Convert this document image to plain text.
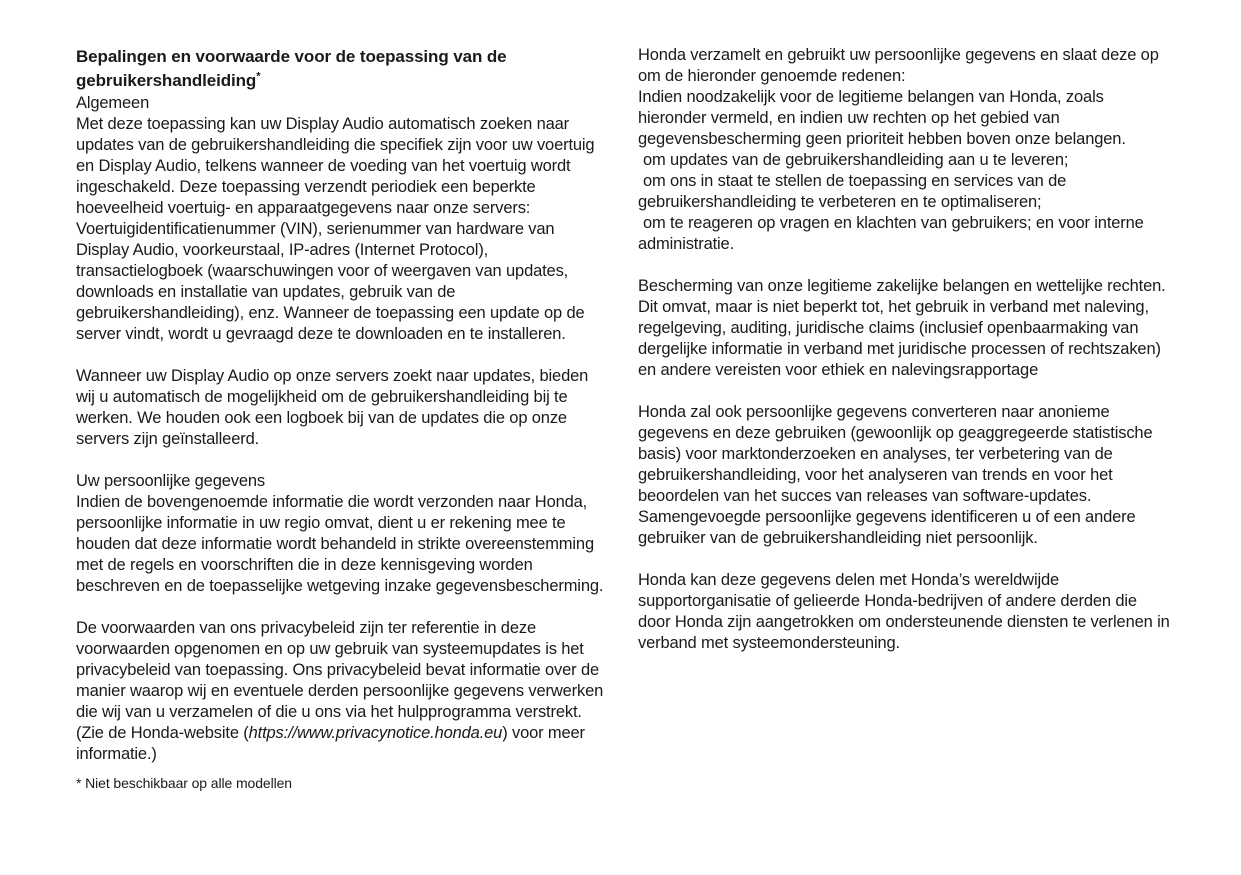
Bepalingen en voorwaarde voor de toepassing van de gebruikershandleiding*

Algemeen

Met deze toepassing kan uw Display Audio automatisch zoeken naar updates van de gebruikershandleiding die specifiek zijn voor uw voertuig en Display Audio, telkens wanneer de voeding van het voertuig wordt ingeschakeld. Deze toepassing verzendt periodiek een beperkte hoeveelheid voertuig- en apparaatgegevens naar onze servers: Voertuigidentificatienummer (VIN), serienummer van hardware van Display Audio, voorkeurstaal, IP-adres (Internet Protocol), transactielogboek (waarschuwingen voor of weergaven van updates, downloads en installatie van updates, gebruik van de gebruikershandleiding), enz. Wanneer de toepassing een update op de server vindt, wordt u gevraagd deze te downloaden en te installeren.

Wanneer uw Display Audio op onze servers zoekt naar updates, bieden wij u automatisch de mogelijkheid om de gebruikershandleiding bij te werken. We houden ook een logboek bij van de updates die op onze servers zijn geïnstalleerd.

Uw persoonlijke gegevens

Indien de bovengenoemde informatie die wordt verzonden naar Honda, persoonlijke informatie in uw regio omvat, dient u er rekening mee te houden dat deze informatie wordt behandeld in strikte overeenstemming met de regels en voorschriften die in deze kennisgeving worden beschreven en de toepasselijke wetgeving inzake gegevensbescherming.

De voorwaarden van ons privacybeleid zijn ter referentie in deze voorwaarden opgenomen en op uw gebruik van systeemupdates is het privacybeleid van toepassing. Ons privacybeleid bevat informatie over de manier waarop wij en eventuele derden persoonlijke gegevens verwerken die wij van u verzamelen of die u ons via het hulpprogramma verstrekt. (Zie de Honda-website (https://www.privacynotice.honda.eu) voor meer informatie.)

* Niet beschikbaar op alle modellen

Honda verzamelt en gebruikt uw persoonlijke gegevens en slaat deze op om de hieronder genoemde redenen:

Indien noodzakelijk voor de legitieme belangen van Honda, zoals hieronder vermeld, en indien uw rechten op het gebied van gegevensbescherming geen prioriteit hebben boven onze belangen.

om updates van de gebruikershandleiding aan u te leveren;

om ons in staat te stellen de toepassing en services van de gebruikershandleiding te verbeteren en te optimaliseren;

om te reageren op vragen en klachten van gebruikers; en voor interne administratie.

Bescherming van onze legitieme zakelijke belangen en wettelijke rechten. Dit omvat, maar is niet beperkt tot, het gebruik in verband met naleving, regelgeving, auditing, juridische claims (inclusief openbaarmaking van dergelijke informatie in verband met juridische processen of rechtszaken) en andere vereisten voor ethiek en nalevingsrapportage

Honda zal ook persoonlijke gegevens converteren naar anonieme gegevens en deze gebruiken (gewoonlijk op geaggregeerde statistische basis) voor marktonderzoeken en analyses, ter verbetering van de gebruikershandleiding, voor het analyseren van trends en voor het beoordelen van het succes van releases van software-updates. Samengevoegde persoonlijke gegevens identificeren u of een andere gebruiker van de gebruikershandleiding niet persoonlijk.

Honda kan deze gegevens delen met Honda’s wereldwijde supportorganisatie of gelieerde Honda-bedrijven of andere derden die door Honda zijn aangetrokken om ondersteunende diensten te verlenen in verband met systeemondersteuning.
